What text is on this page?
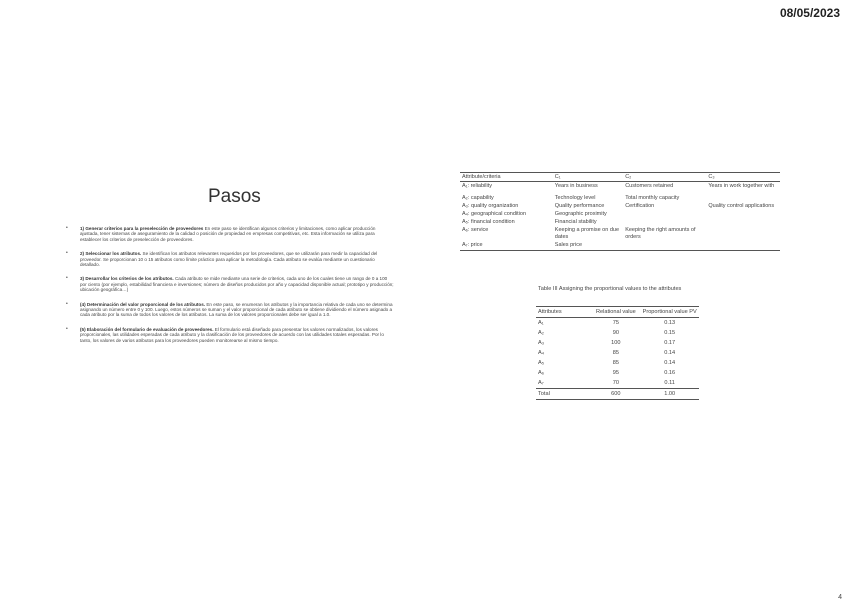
08/05/2023
Pasos
•	1) Generar criterios para la preselección de proveedores En este paso se identifican algunos criterios y limitaciones, como aplicar producción ajustada, tener sistemas de aseguramiento de la calidad o posición de propiedad en empresas competitivas, etc. Esta información se utiliza para establecer los criterios de preselección de proveedores.
•	2) Seleccionar los atributos. Se identifican los atributos relevantes requeridos por los proveedores, que se utilizarán para medir la capacidad del proveedor. Se proporcionan 10 o 15 atributos como límite práctico para aplicar la metodología. Cada atributo se evalúa mediante un cuestionario detallado.
•	3) Desarrollar los criterios de los atributos. Cada atributo se mide mediante una serie de criterios, cada uno de los cuales tiene un rango de 0 a 100 por ciento (por ejemplo, estabilidad financiera e inversiones; número de diseños producidos por año y capacidad disponible actual; prototipo y producción; ubicación geográfica…)
•	(4) Determinación del valor proporcional de los atributos. En este paso, se enumeran los atributos y la importancia relativa de cada uno se determina asignando un número entre 0 y 100. Luego, estos números se suman y el valor proporcional de cada atributo se obtiene dividiendo el número asignado a cada atributo por la suma de todos los valores de los atributos. La suma de los valores proporcionales debe ser igual a 1.0.
•	(5) Elaboración del formulario de evaluación de proveedores. El formulario está diseñado para presentar los valores normalizados, los valores proporcionales, las utilidades esperadas de cada atributo y la clasificación de los proveedores de acuerdo con las utilidades totales esperadas. Por lo tanto, los valores de varios atributos para los proveedores pueden monitorearse al mismo tiempo.
Attribute/criteria	C₁	C₂	C₃
A₁: reliability	Years in business	Customers retained	Years in work together with
A₂: capability	Technology level	Total monthly capacity	
A₃: quality organization	Quality performance	Certification	Quality control applications
A₄: geographical condition	Geographic proximity		
A₅: financial condition	Financial stability		
A₆: service	Keeping a promise on due dates	Keeping the right amounts of orders	
A₇: price	Sales price		
Table III Assigning the proportional values to the attributes
Attributes	Relational value	Proportional value PV
A₁	75	0.13
A₂	90	0.15
A₃	100	0.17
A₄	85	0.14
A₅	85	0.14
A₆	95	0.16
A₇	70	0.11
Total	600	1.00
4
